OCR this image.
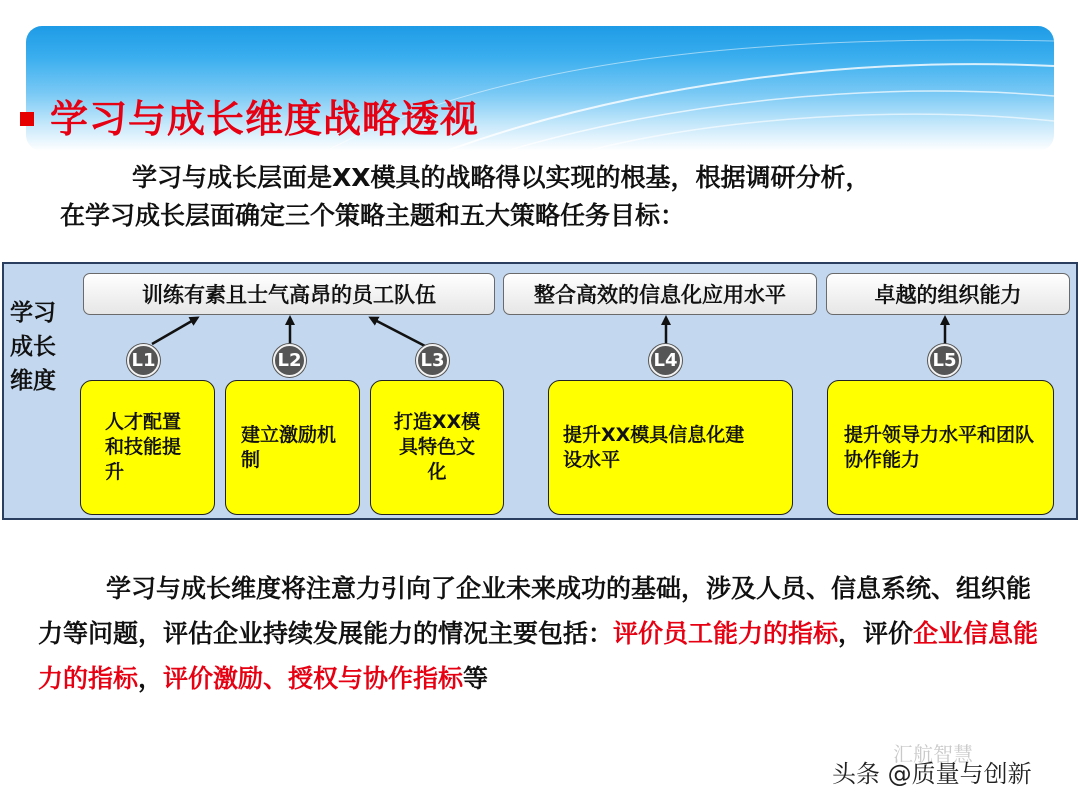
学习与成长维度战略透视
学习与成长层面是XX模具的战略得以实现的根基，根据调研分析，
在学习成长层面确定三个策略主题和五大策略任务目标：
学习
成长
维度
训练有素且士气高昂的员工队伍	整合高效的信息化应用水平	卓越的组织能力
L1	L2	L3	L4	L5
人才配置和技能提升
建立激励机制
打造XX模具特色文化
提升XX模具信息化建设水平
提升领导力水平和团队协作能力
学习与成长维度将注意力引向了企业未来成功的基础，涉及人员、信息系统、组织能力等问题，评估企业持续发展能力的情况主要包括：评价员工能力的指标，评价企业信息能力的指标，评价激励、授权与协作指标等
汇航智慧
头条 @质量与创新
